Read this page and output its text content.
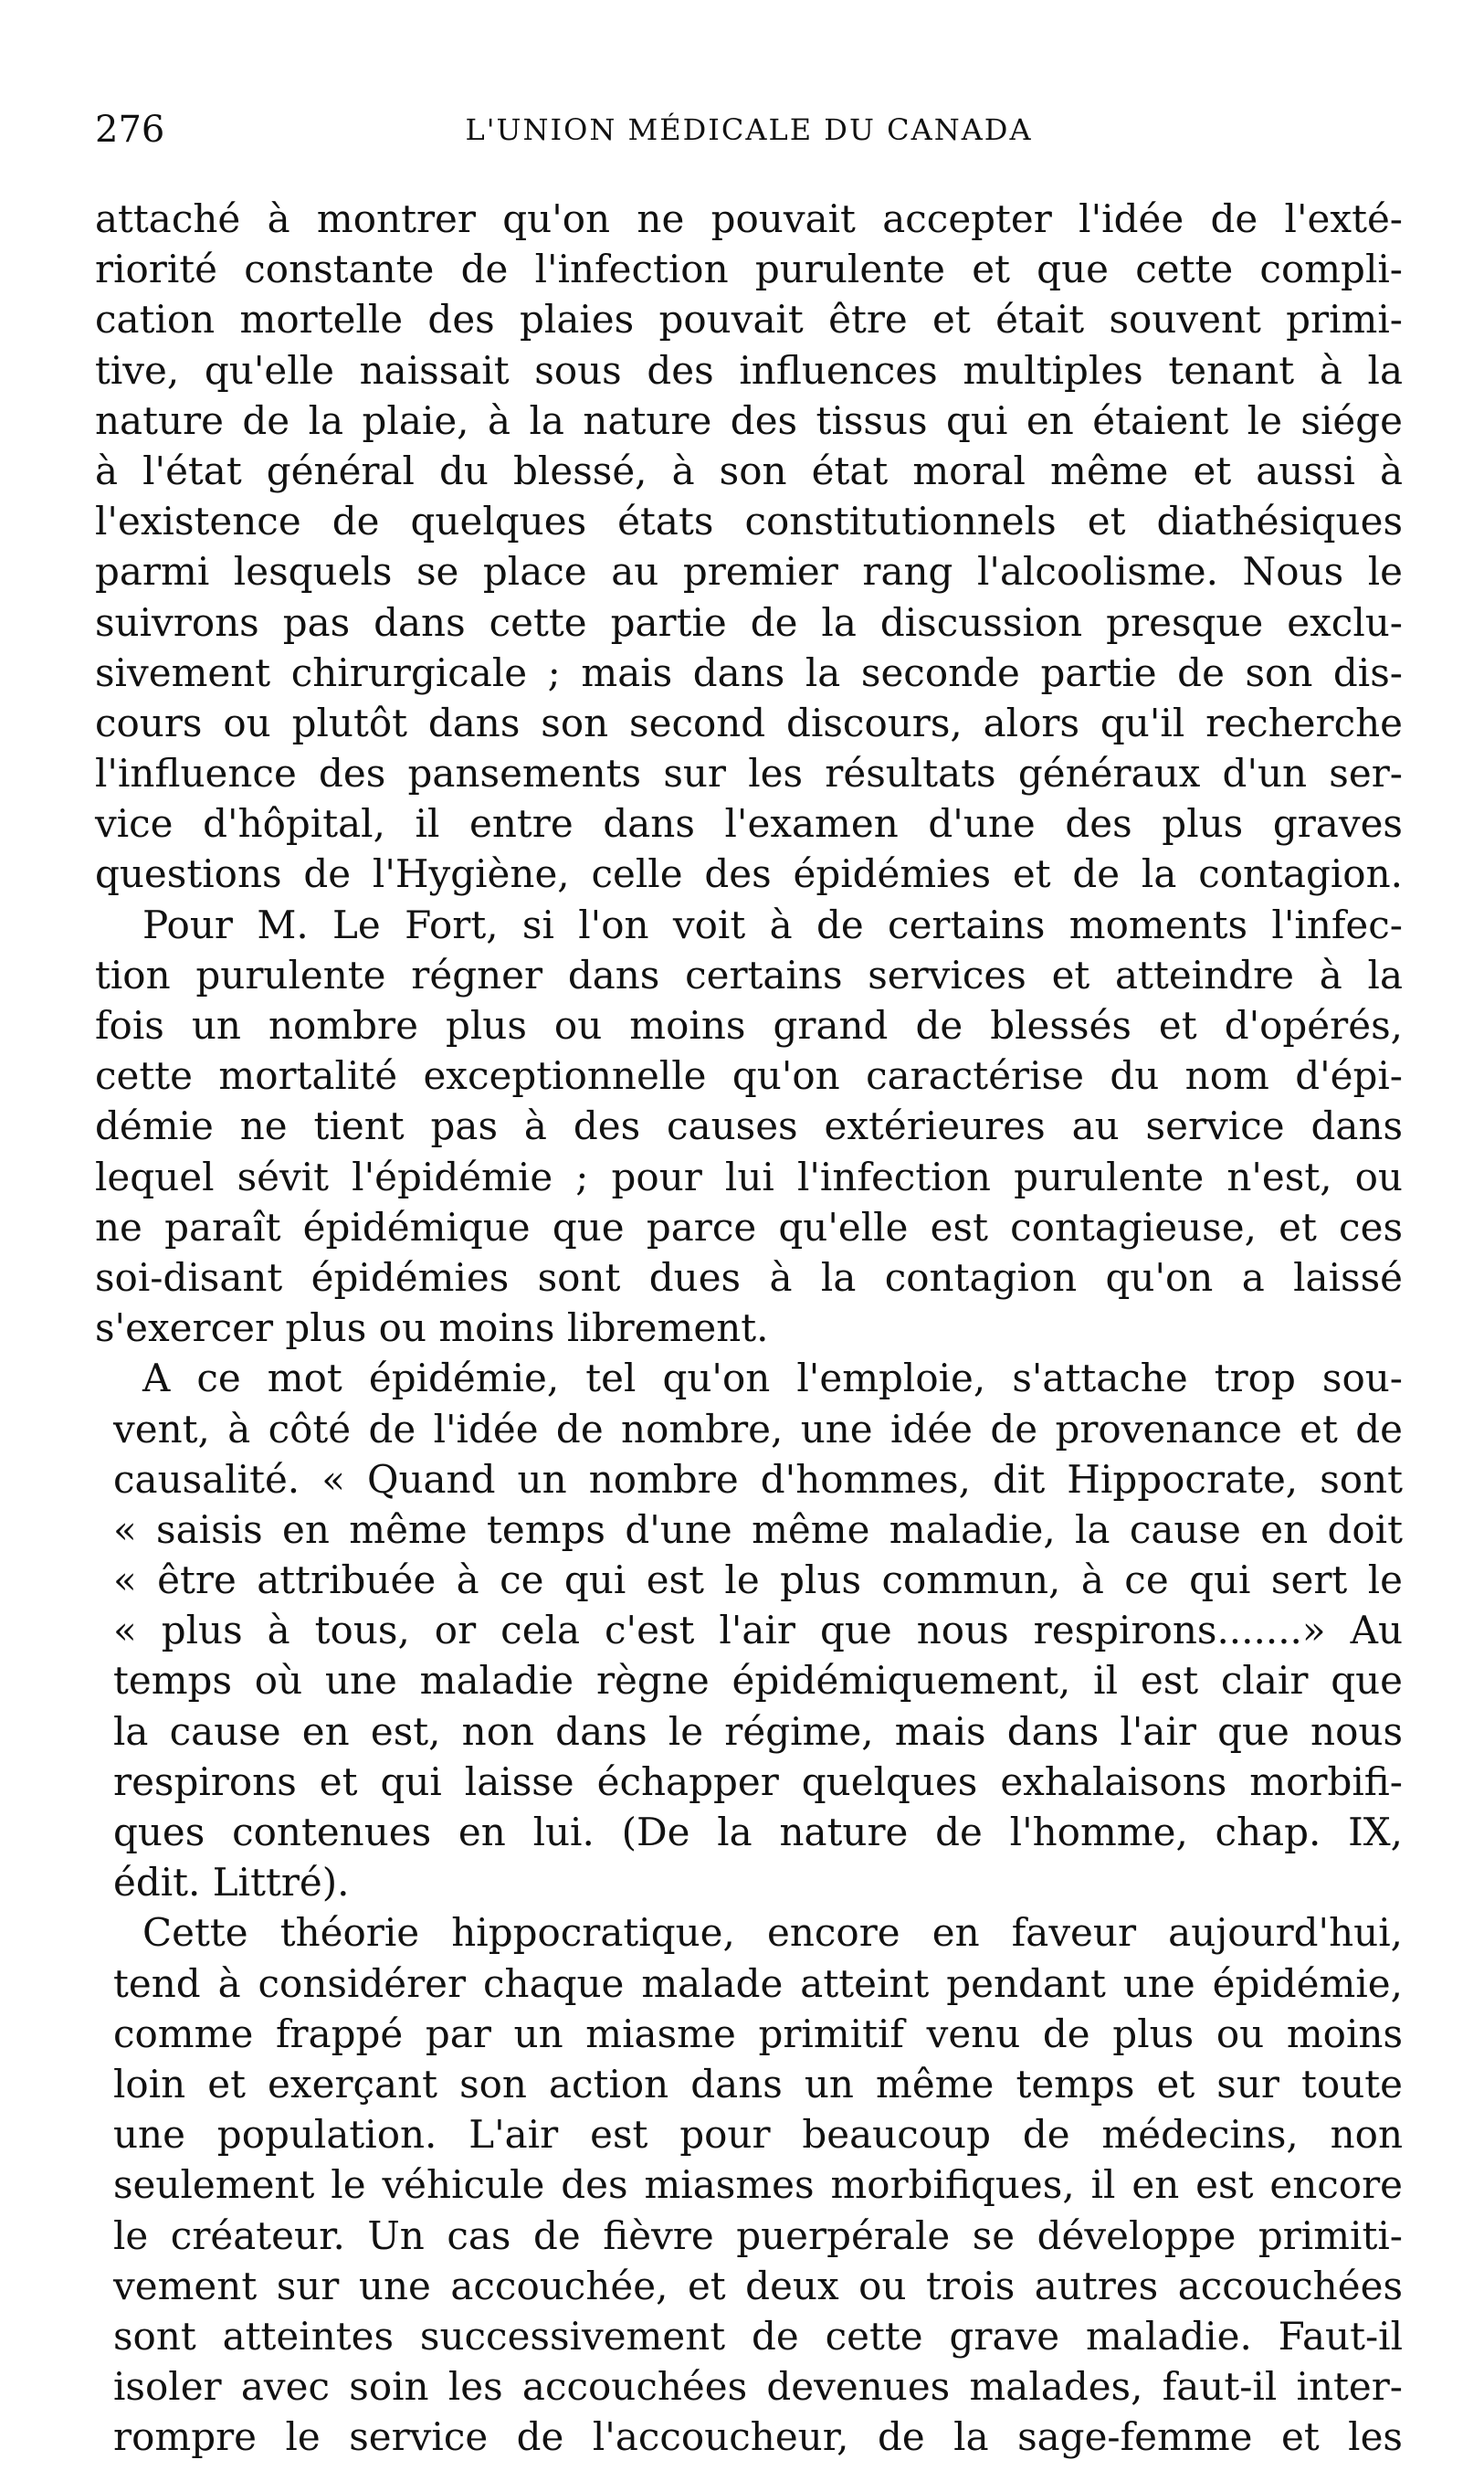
276	L'UNION MÉDICALE DU CANADA
attaché à montrer qu'on ne pouvait accepter l'idée de l'exté-
riorité constante de l'infection purulente et que cette compli-
cation mortelle des plaies pouvait être et était souvent primi-
tive, qu'elle naissait sous des influences multiples tenant à la
nature de la plaie, à la nature des tissus qui en étaient le siége
à l'état général du blessé, à son état moral même et aussi à
l'existence de quelques états constitutionnels et diathésiques
parmi lesquels se place au premier rang l'alcoolisme. Nous le
suivrons pas dans cette partie de la discussion presque exclu-
sivement chirurgicale ; mais dans la seconde partie de son dis-
cours ou plutôt dans son second discours, alors qu'il recherche
l'influence des pansements sur les résultats généraux d'un ser-
vice d'hôpital, il entre dans l'examen d'une des plus graves
questions de l'Hygiène, celle des épidémies et de la contagion.
Pour M. Le Fort, si l'on voit à de certains moments l'infec-
tion purulente régner dans certains services et atteindre à la
fois un nombre plus ou moins grand de blessés et d'opérés,
cette mortalité exceptionnelle qu'on caractérise du nom d'épi-
démie ne tient pas à des causes extérieures au service dans
lequel sévit l'épidémie ; pour lui l'infection purulente n'est, ou
ne paraît épidémique que parce qu'elle est contagieuse, et ces
soi-disant épidémies sont dues à la contagion qu'on a laissé
s'exercer plus ou moins librement.
A ce mot épidémie, tel qu'on l'emploie, s'attache trop sou-
vent, à côté de l'idée de nombre, une idée de provenance et de
causalité. « Quand un nombre d'hommes, dit Hippocrate, sont
« saisis en même temps d'une même maladie, la cause en doit
« être attribuée à ce qui est le plus commun, à ce qui sert le
« plus à tous, or cela c'est l'air que nous respirons.......» Au
temps où une maladie règne épidémiquement, il est clair que
la cause en est, non dans le régime, mais dans l'air que nous
respirons et qui laisse échapper quelques exhalaisons morbifi-
ques contenues en lui. (De la nature de l'homme, chap. IX,
édit. Littré).
Cette théorie hippocratique, encore en faveur aujourd'hui,
tend à considérer chaque malade atteint pendant une épidémie,
comme frappé par un miasme primitif venu de plus ou moins
loin et exerçant son action dans un même temps et sur toute
une population. L'air est pour beaucoup de médecins, non
seulement le véhicule des miasmes morbifiques, il en est encore
le créateur. Un cas de fièvre puerpérale se développe primiti-
vement sur une accouchée, et deux ou trois autres accouchées
sont atteintes successivement de cette grave maladie. Faut-il
isoler avec soin les accouchées devenues malades, faut-il inter-
rompre le service de l'accoucheur, de la sage-femme et les
